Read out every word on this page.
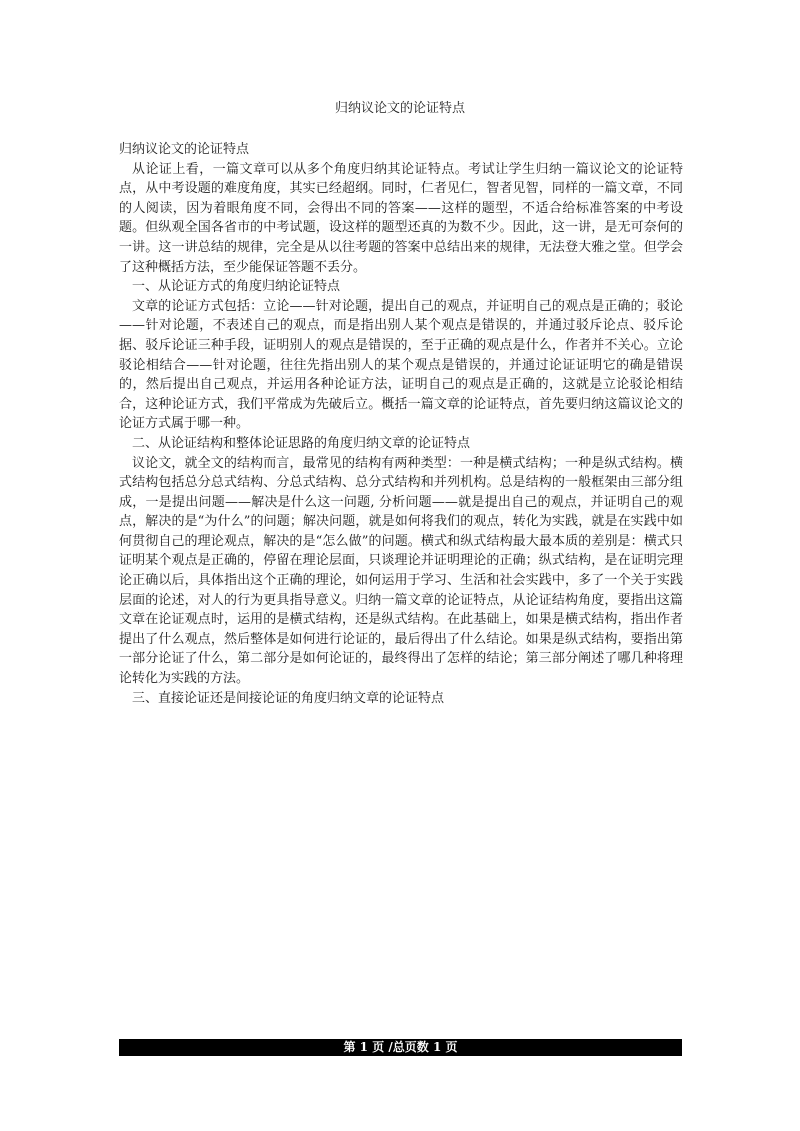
归纳议论文的论证特点

归纳议论文的论证特点

从论证上看，一篇文章可以从多个角度归纳其论证特点。考试让学生归纳一篇议论文的论证特点，从中考设题的难度角度，其实已经超纲。同时，仁者见仁，智者见智，同样的一篇文章，不同的人阅读，因为着眼角度不同，会得出不同的答案——这样的题型，不适合给标准答案的中考设题。但纵观全国各省市的中考试题，设这样的题型还真的为数不少。因此，这一讲，是无可奈何的一讲。这一讲总结的规律，完全是从以往考题的答案中总结出来的规律，无法登大雅之堂。但学会了这种概括方法，至少能保证答题不丢分。

一、从论证方式的角度归纳论证特点

文章的论证方式包括：立论——针对论题，提出自己的观点，并证明自己的观点是正确的；驳论——针对论题，不表述自己的观点，而是指出别人某个观点是错误的，并通过驳斥论点、驳斥论据、驳斥论证三种手段，证明别人的观点是错误的，至于正确的观点是什么，作者并不关心。立论驳论相结合——针对论题，往往先指出别人的某个观点是错误的，并通过论证证明它的确是错误的，然后提出自己观点，并运用各种论证方法，证明自己的观点是正确的，这就是立论驳论相结合，这种论证方式，我们平常成为先破后立。概括一篇文章的论证特点，首先要归纳这篇议论文的论证方式属于哪一种。

二、从论证结构和整体论证思路的角度归纳文章的论证特点

议论文，就全文的结构而言，最常见的结构有两种类型：一种是横式结构；一种是纵式结构。横式结构包括总分总式结构、分总式结构、总分式结构和并列机构。总是结构的一般框架由三部分组成，一是提出问题——解决是什么这一问题, 分析问题——就是提出自己的观点，并证明自己的观点，解决的是“为什么”的问题；解决问题，就是如何将我们的观点，转化为实践，就是在实践中如何贯彻自己的理论观点，解决的是“怎么做”的问题。横式和纵式结构最大最本质的差别是：横式只证明某个观点是正确的，停留在理论层面，只谈理论并证明理论的正确；纵式结构，是在证明完理论正确以后，具体指出这个正确的理论，如何运用于学习、生活和社会实践中，多了一个关于实践层面的论述，对人的行为更具指导意义。归纳一篇文章的论证特点，从论证结构角度，要指出这篇文章在论证观点时，运用的是横式结构，还是纵式结构。在此基础上，如果是横式结构，指出作者提出了什么观点，然后整体是如何进行论证的，最后得出了什么结论。如果是纵式结构，要指出第一部分论证了什么，第二部分是如何论证的，最终得出了怎样的结论；第三部分阐述了哪几种将理论转化为实践的方法。

三、直接论证还是间接论证的角度归纳文章的论证特点

第 1 页 /总页数 1 页
